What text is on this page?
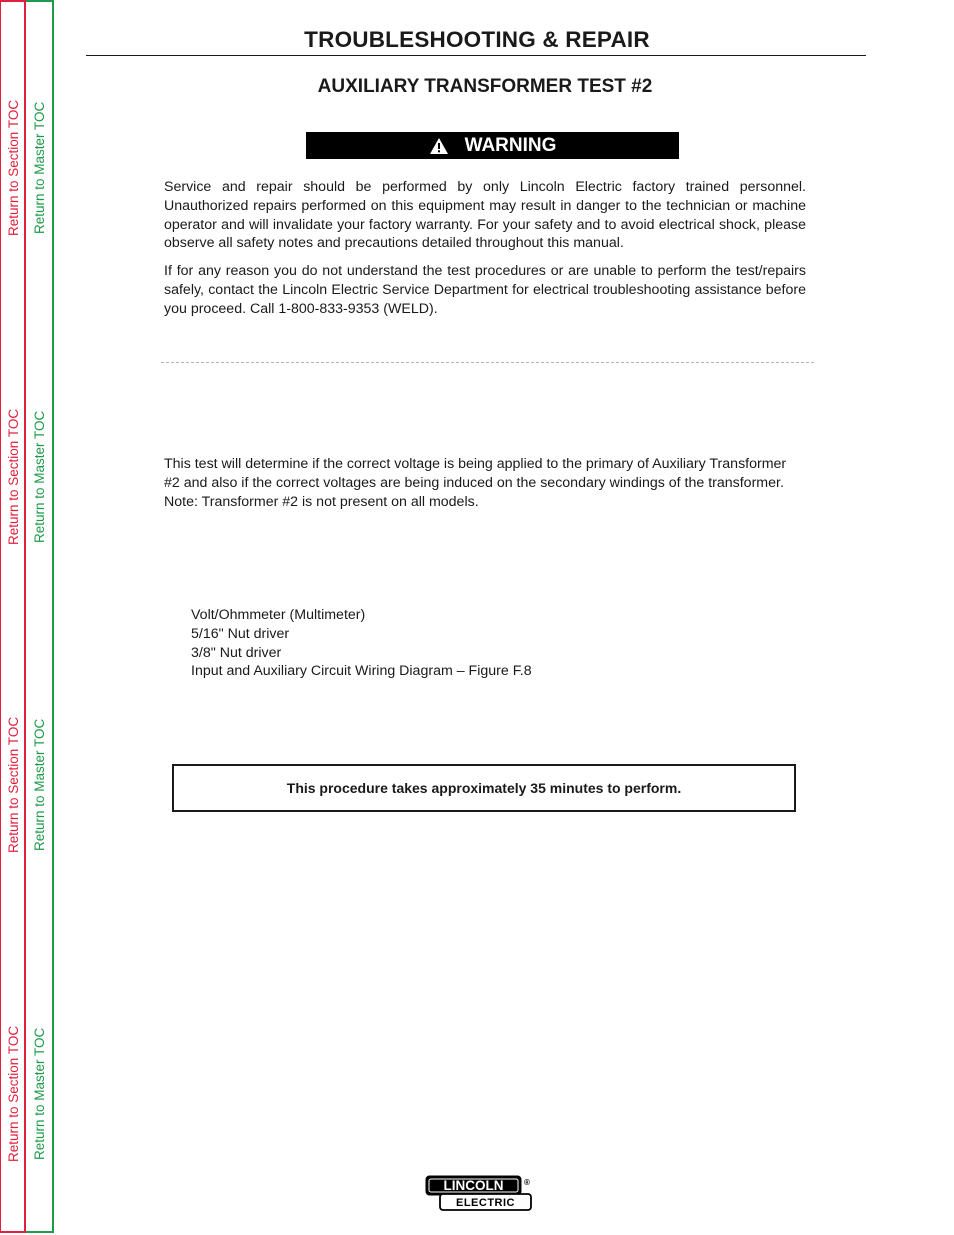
Return to Section TOC
Return to Section TOC
Return to Section TOC
Return to Section TOC
Return to Master TOC
Return to Master TOC
Return to Master TOC
Return to Master TOC
TROUBLESHOOTING & REPAIR
AUXILIARY TRANSFORMER TEST #2
WARNING
Service and repair should be performed by only Lincoln Electric factory trained personnel. Unauthorized repairs performed on this equipment may result in danger to the technician or machine operator and will invalidate your factory warranty. For your safety and to avoid electrical shock, please observe all safety notes and precautions detailed throughout this manual.
If for any reason you do not understand the test procedures or are unable to perform the test/repairs safely, contact the Lincoln Electric Service Department for electrical troubleshooting assistance before you proceed. Call 1-800-833-9353 (WELD).
This test will determine if the correct voltage is being applied to the primary of Auxiliary Transformer #2 and also if the correct voltages are being induced on the secondary windings of the transformer. Note: Transformer #2 is not present on all models.
Volt/Ohmmeter (Multimeter)
5/16" Nut driver
3/8" Nut driver
Input and Auxiliary Circuit Wiring Diagram – Figure F.8
This procedure takes approximately 35 minutes to perform.
LINCOLN	®
ELECTRIC
